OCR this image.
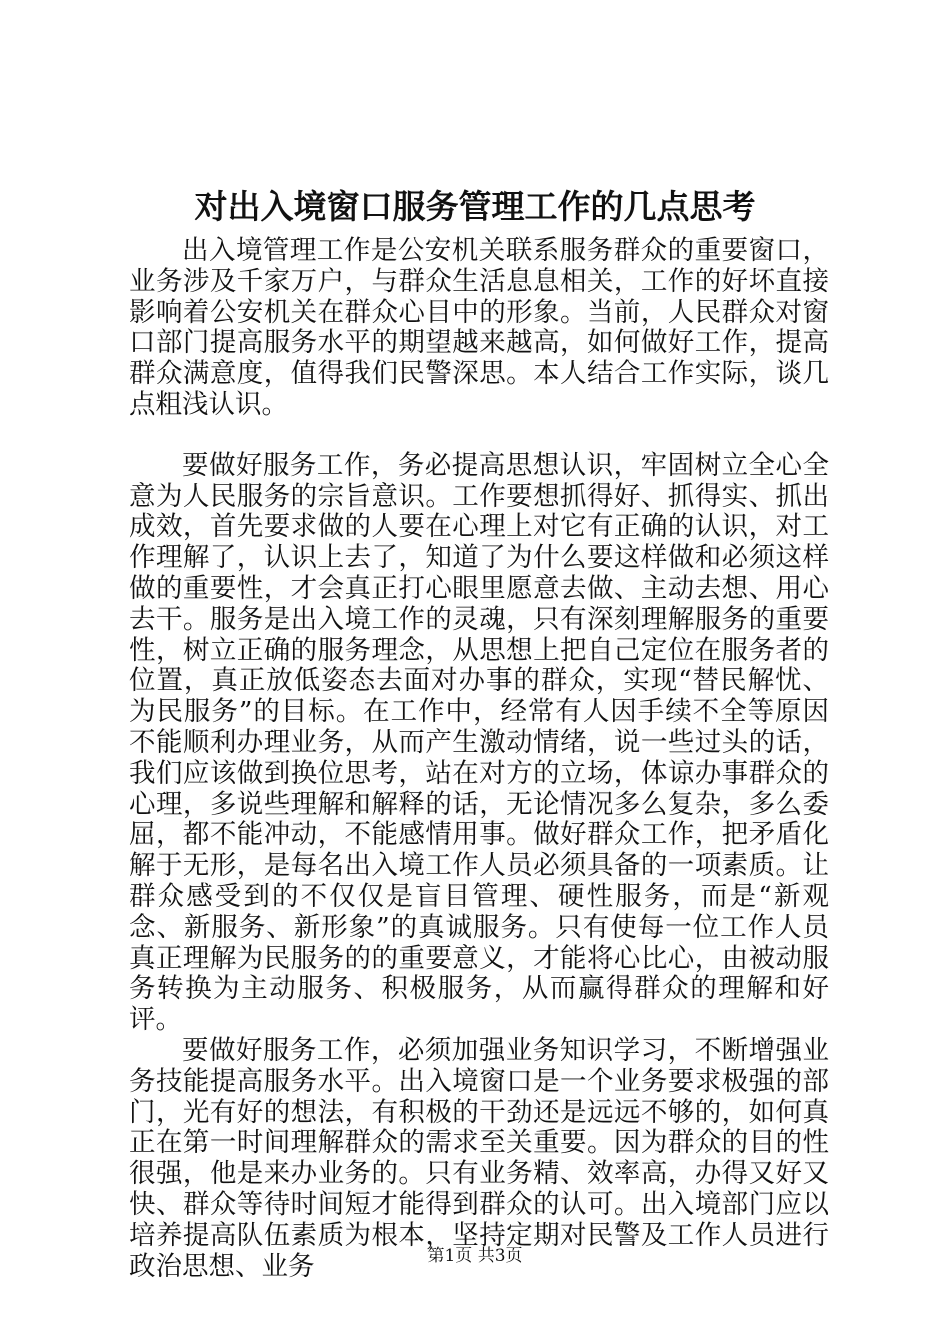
对出入境窗口服务管理工作的几点思考

出入境管理工作是公安机关联系服务群众的重要窗口，业务涉及千家万户，与群众生活息息相关，工作的好坏直接影响着公安机关在群众心目中的形象。当前，人民群众对窗口部门提高服务水平的期望越来越高，如何做好工作，提高群众满意度，值得我们民警深思。本人结合工作实际，谈几点粗浅认识。

要做好服务工作，务必提高思想认识，牢固树立全心全意为人民服务的宗旨意识。工作要想抓得好、抓得实、抓出成效，首先要求做的人要在心理上对它有正确的认识，对工作理解了，认识上去了，知道了为什么要这样做和必须这样做的重要性，才会真正打心眼里愿意去做、主动去想、用心去干。服务是出入境工作的灵魂，只有深刻理解服务的重要性，树立正确的服务理念，从思想上把自己定位在服务者的位置，真正放低姿态去面对办事的群众，实现“替民解忧、为民服务”的目标。在工作中，经常有人因手续不全等原因不能顺利办理业务，从而产生激动情绪，说一些过头的话，我们应该做到换位思考，站在对方的立场，体谅办事群众的心理，多说些理解和解释的话，无论情况多么复杂，多么委屈，都不能冲动，不能感情用事。做好群众工作，把矛盾化解于无形，是每名出入境工作人员必须具备的一项素质。让群众感受到的不仅仅是盲目管理、硬性服务，而是“新观念、新服务、新形象”的真诚服务。只有使每一位工作人员真正理解为民服务的的重要意义，才能将心比心，由被动服务转换为主动服务、积极服务，从而赢得群众的理解和好评。

要做好服务工作，必须加强业务知识学习，不断增强业务技能提高服务水平。出入境窗口是一个业务要求极强的部门，光有好的想法，有积极的干劲还是远远不够的，如何真正在第一时间理解群众的需求至关重要。因为群众的目的性很强，他是来办业务的。只有业务精、效率高，办得又好又快、群众等待时间短才能得到群众的认可。出入境部门应以培养提高队伍素质为根本，坚持定期对民警及工作人员进行政治思想、业务	第1页 共3页
